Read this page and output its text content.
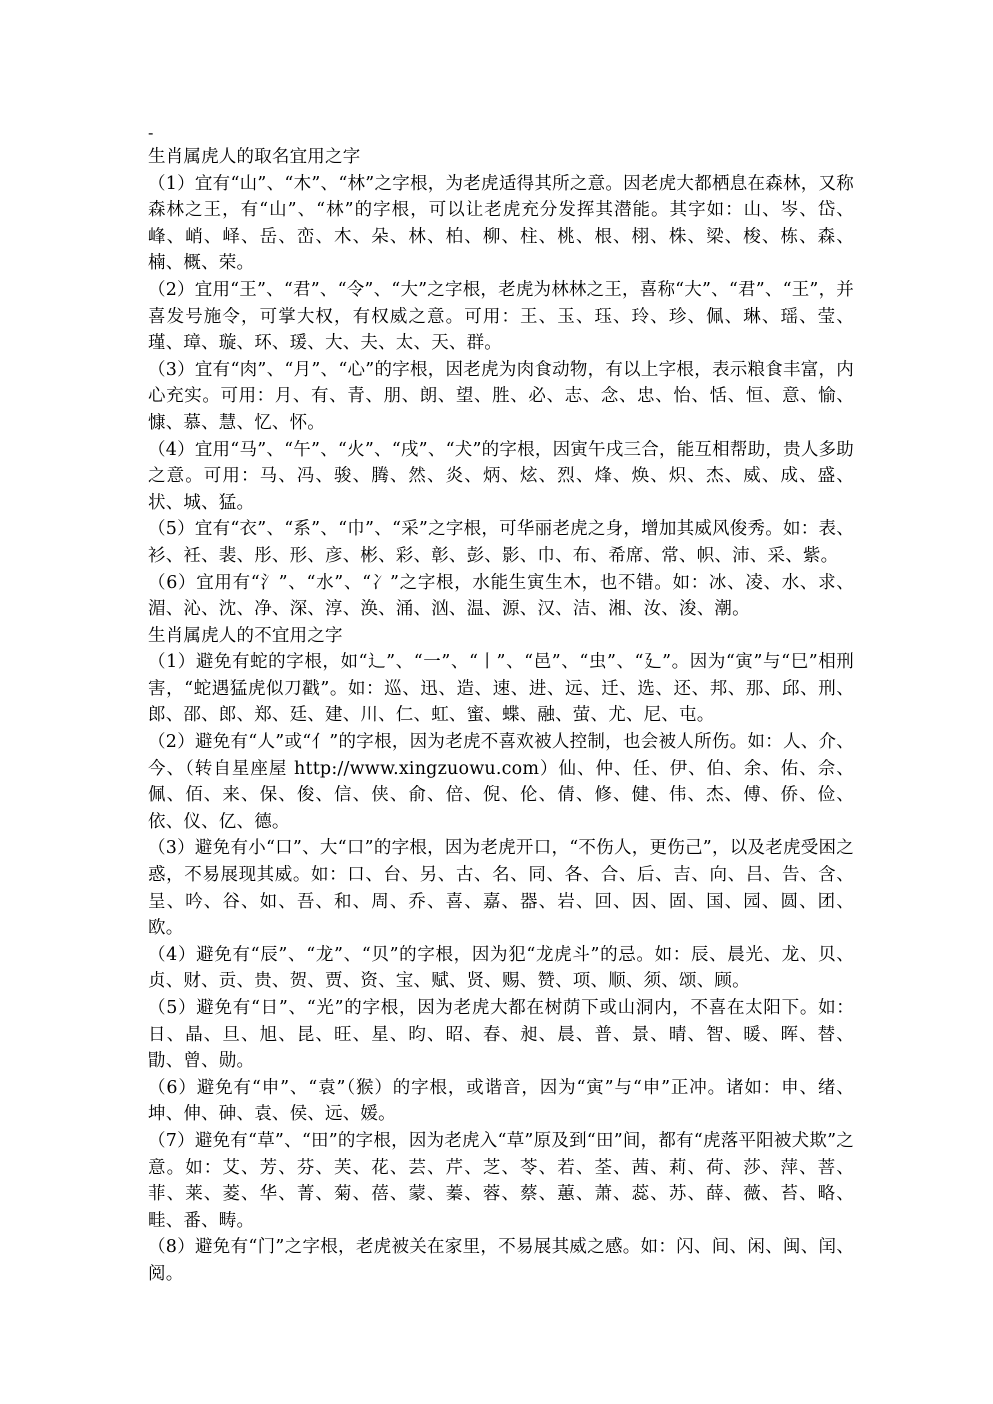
-
生肖属虎人的取名宜用之字

（1）宜有“山”、“木”、“林”之字根，为老虎适得其所之意。因老虎大都栖息在森林，又称森林之王，有“山”、“林”的字根，可以让老虎充分发挥其潜能。其字如：山、岑、岱、峰、峭、峄、岳、峦、木、朵、林、柏、柳、柱、桃、根、栩、株、梁、梭、栋、森、楠、概、荣。

（2）宜用“王”、“君”、“令”、“大”之字根，老虎为林林之王，喜称“大”、“君”、“王”，并喜发号施令，可掌大权，有权威之意。可用：王、玉、珏、玲、珍、佩、琳、瑶、莹、瑾、璋、璇、环、瑗、大、夫、太、天、群。

（3）宜有“肉”、“月”、“心”的字根，因老虎为肉食动物，有以上字根，表示粮食丰富，内心充实。可用：月、有、青、朋、朗、望、胜、必、志、念、忠、怡、恬、恒、意、愉、慷、慕、慧、忆、怀。

（4）宜用“马”、“午”、“火”、“戌”、“犬”的字根，因寅午戌三合，能互相帮助，贵人多助之意。可用：马、冯、骏、腾、然、炎、炳、炫、烈、烽、焕、炽、杰、威、成、盛、状、城、猛。

（5）宜有“衣”、“系”、“巾”、“采”之字根，可华丽老虎之身，增加其威风俊秀。如：表、衫、衽、裴、彤、形、彦、彬、彩、彰、彭、影、巾、布、希席、常、帜、沛、采、紫。

（6）宜用有“氵”、“水”、“冫”之字根，水能生寅生木，也不错。如：冰、凌、水、求、湄、沁、沈、净、深、淳、涣、涌、汹、温、源、汉、洁、湘、汝、浚、潮。

生肖属虎人的不宜用之字

（1）避免有蛇的字根，如“辶”、“一”、“丨”、“邑”、“虫”、“廴”。因为“寅”与“巳”相刑害，“蛇遇猛虎似刀戳”。如：巡、迅、造、速、进、远、迁、选、还、邦、那、邱、刑、郎、邵、郎、郑、廷、建、川、仁、虹、蜜、蝶、融、萤、尤、尼、屯。

（2）避免有“人”或“亻”的字根，因为老虎不喜欢被人控制，也会被人所伤。如：人、介、今、（转自星座屋 http://www.xingzuowu.com）仙、仲、任、伊、伯、余、佑、佘、佩、佰、来、保、俊、信、侠、俞、倍、倪、伦、倩、修、健、伟、杰、傅、侨、俭、依、仪、亿、德。

（3）避免有小“口”、大“口”的字根，因为老虎开口，“不伤人，更伤己”，以及老虎受困之惑，不易展现其威。如：口、台、另、古、名、同、各、合、后、吉、向、吕、告、含、呈、吟、谷、如、吾、和、周、乔、喜、嘉、器、岩、回、因、固、国、园、圆、团、欧。

（4）避免有“辰”、“龙”、“贝”的字根，因为犯“龙虎斗”的忌。如：辰、晨光、龙、贝、贞、财、贡、贵、贺、贾、资、宝、赋、贤、赐、赞、项、顺、须、颂、顾。

（5）避免有“日”、“光”的字根，因为老虎大都在树荫下或山洞内，不喜在太阳下。如：日、晶、旦、旭、昆、旺、星、昀、昭、春、昶、晨、普、景、晴、智、暖、晖、替、勖、曾、勋。

（6）避免有“申”、“袁”（猴）的字根，或谐音，因为“寅”与“申”正冲。诸如：申、绪、坤、伸、砷、袁、侯、远、媛。

（7）避免有“草”、“田”的字根，因为老虎入“草”原及到“田”间，都有“虎落平阳被犬欺”之意。如：艾、芳、芬、芙、花、芸、芹、芝、苓、若、荃、茜、莉、荷、莎、萍、菩、菲、莱、菱、华、菁、菊、蓓、蒙、蓁、蓉、蔡、蕙、萧、蕊、苏、薛、薇、苔、略、畦、番、畴。

（8）避免有“门”之字根，老虎被关在家里，不易展其威之感。如：闪、间、闲、闽、闰、阅。
